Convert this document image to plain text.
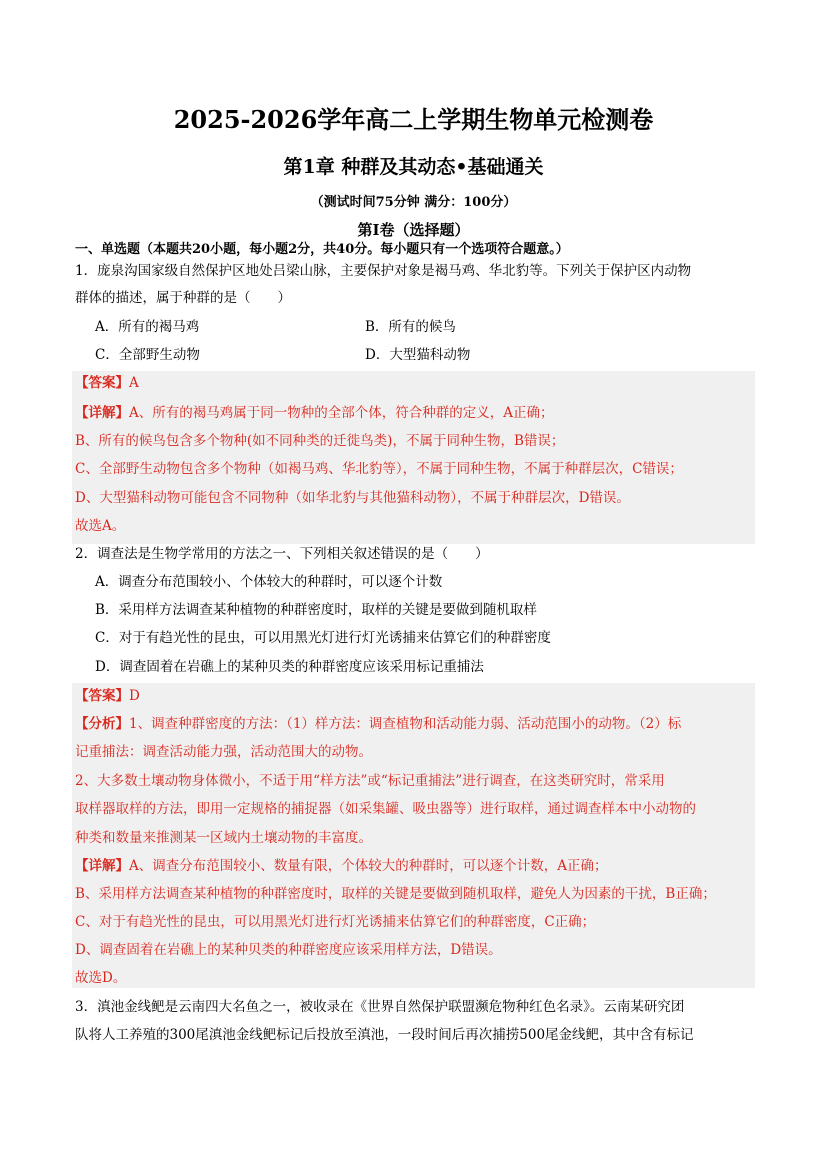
2025-2026学年高二上学期生物单元检测卷
第1章 种群及其动态•基础通关
（测试时间75分钟 满分：100分）
第Ⅰ卷（选择题）
一、单选题（本题共20小题，每小题2分，共40分。每小题只有一个选项符合题意。）
1．庞泉沟国家级自然保护区地处吕梁山脉，主要保护对象是褐马鸡、华北豹等。下列关于保护区内动物
群体的描述，属于种群的是（　　）
A．所有的褐马鸡	B．所有的候鸟
C．全部野生动物	D．大型猫科动物
【答案】A
【详解】A、所有的褐马鸡属于同一物种的全部个体，符合种群的定义，A正确；
B、所有的候鸟包含多个物种(如不同种类的迁徙鸟类)，不属于同种生物，B错误；
C、全部野生动物包含多个物种（如褐马鸡、华北豹等），不属于同种生物，不属于种群层次，C错误；
D、大型猫科动物可能包含不同物种（如华北豹与其他猫科动物），不属于种群层次，D错误。
故选A。
2．调查法是生物学常用的方法之一、下列相关叙述错误的是（　　）
A．调查分布范围较小、个体较大的种群时，可以逐个计数
B．采用样方法调查某种植物的种群密度时，取样的关键是要做到随机取样
C．对于有趋光性的昆虫，可以用黑光灯进行灯光诱捕来估算它们的种群密度
D．调查固着在岩礁上的某种贝类的种群密度应该采用标记重捕法
【答案】D
【分析】1、调查种群密度的方法：（1）样方法：调查植物和活动能力弱、活动范围小的动物。（2）标
记重捕法：调查活动能力强，活动范围大的动物。
2、大多数土壤动物身体微小，不适于用“样方法”或“标记重捕法”进行调查，在这类研究时，常采用
取样器取样的方法，即用一定规格的捕捉器（如采集罐、吸虫器等）进行取样，通过调查样本中小动物的
种类和数量来推测某一区域内土壤动物的丰富度。
【详解】A、调查分布范围较小、数量有限，个体较大的种群时，可以逐个计数，A正确；
B、采用样方法调查某种植物的种群密度时，取样的关键是要做到随机取样，避免人为因素的干扰，B正确；
C、对于有趋光性的昆虫，可以用黑光灯进行灯光诱捕来估算它们的种群密度，C正确；
D、调查固着在岩礁上的某种贝类的种群密度应该采用样方法，D错误。
故选D。
3．滇池金线鲃是云南四大名鱼之一，被收录在《世界自然保护联盟濒危物种红色名录》。云南某研究团
队将人工养殖的300尾滇池金线鲃标记后投放至滇池，一段时间后再次捕捞500尾金线鲃，其中含有标记
